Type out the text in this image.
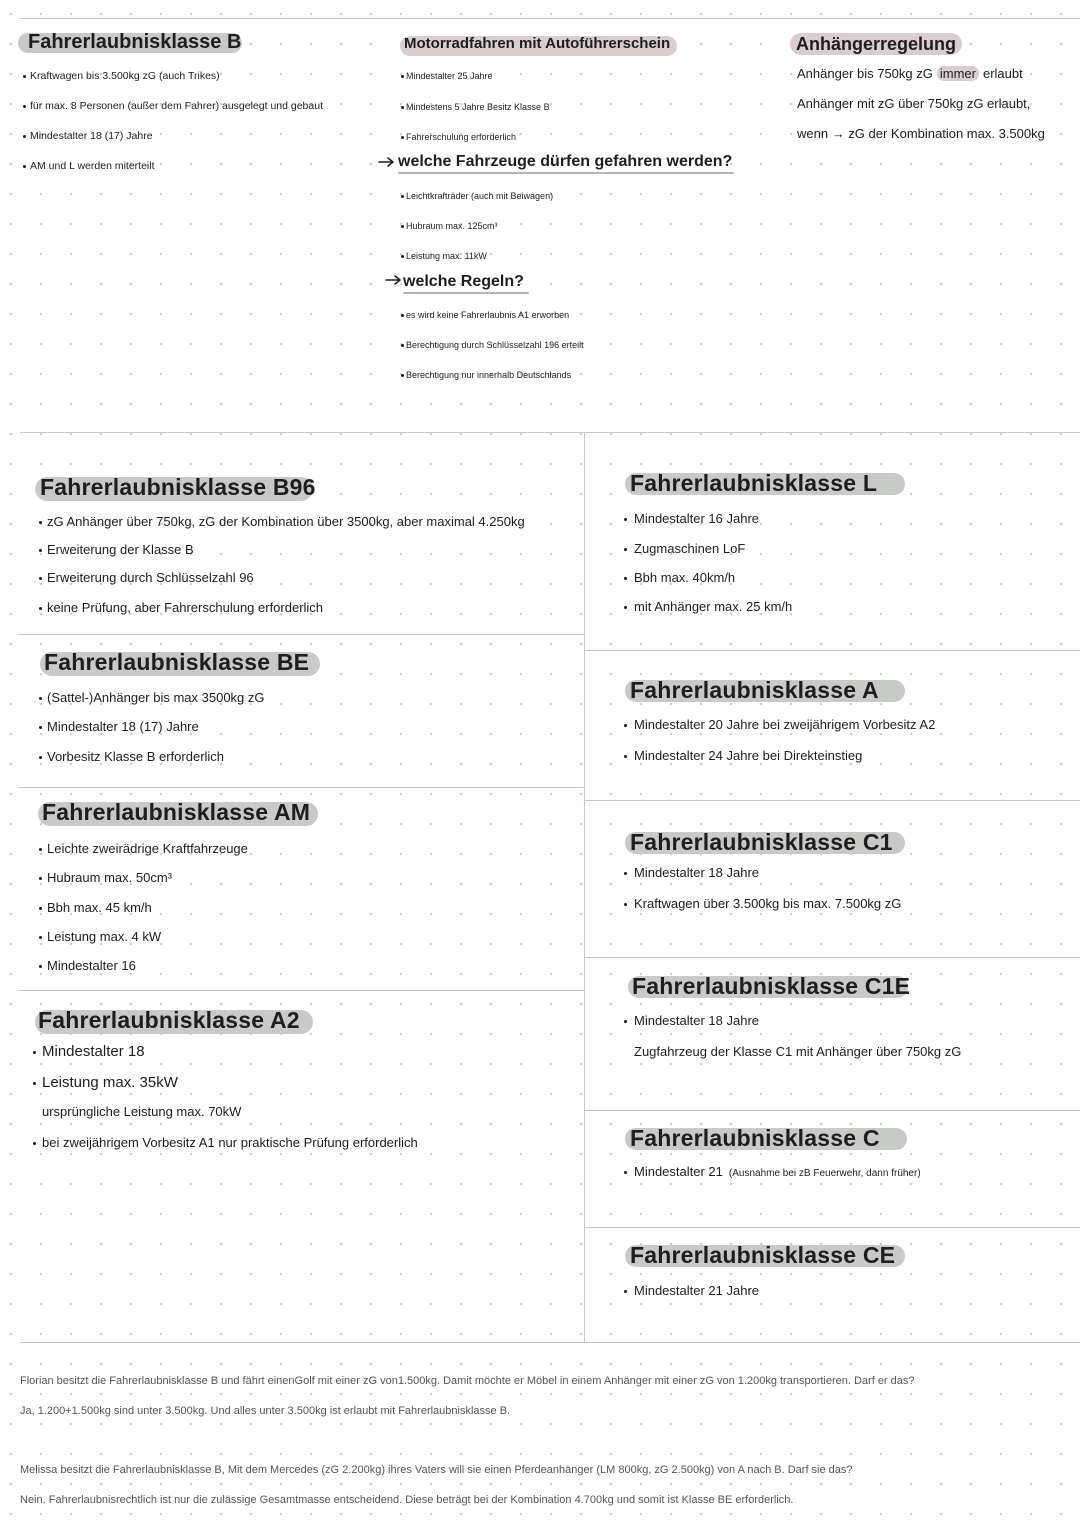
Fahrerlaubnisklasse B
Kraftwagen bis 3.500kg zG (auch Trikes)
für max. 8 Personen (außer dem Fahrer) ausgelegt und gebaut
Mindestalter 18 (17) Jahre
AM und L werden miterteilt
Motorradfahren mit Autoführerschein
Mindestalter 25 Jahre
Mindestens 5 Jahre Besitz Klasse B
Fahrerschulung erforderlich
welche Fahrzeuge dürfen gefahren werden?
Leichtkrafträder (auch mit Beiwagen)
Hubraum max. 125cm³
Leistung max. 11kW
welche Regeln?
es wird keine Fahrerlaubnis A1 erworben
Berechtigung durch Schlüsselzahl 196 erteilt
Berechtigung nur innerhalb Deutschlands
Anhängerregelung
Anhänger bis 750kg zG immer erlaubt
Anhänger mit zG über 750kg zG erlaubt,
wenn → zG der Kombination max. 3.500kg
Fahrerlaubnisklasse B96
zG Anhänger über 750kg, zG der Kombination über 3500kg, aber maximal 4.250kg
Erweiterung der Klasse B
Erweiterung durch Schlüsselzahl 96
keine Prüfung, aber Fahrerschulung erforderlich
Fahrerlaubnisklasse BE
(Sattel-)Anhänger bis max 3500kg zG
Mindestalter 18 (17) Jahre
Vorbesitz Klasse B erforderlich
Fahrerlaubnisklasse AM
Leichte zweirädrige Kraftfahrzeuge
Hubraum max. 50cm³
Bbh max. 45 km/h
Leistung max. 4 kW
Mindestalter 16
Fahrerlaubnisklasse A2
Mindestalter 18
Leistung max. 35kW
ursprüngliche Leistung max. 70kW
bei zweijährigem Vorbesitz A1 nur praktische Prüfung erforderlich
Fahrerlaubnisklasse L
Mindestalter 16 Jahre
Zugmaschinen LoF
Bbh max. 40km/h
mit Anhänger max. 25 km/h
Fahrerlaubnisklasse A
Mindestalter 20 Jahre bei zweijährigem Vorbesitz A2
Mindestalter 24 Jahre bei Direkteinstieg
Fahrerlaubnisklasse C1
Mindestalter 18 Jahre
Kraftwagen über 3.500kg bis max. 7.500kg zG
Fahrerlaubnisklasse C1E
Mindestalter 18 Jahre
Zugfahrzeug der Klasse C1 mit Anhänger über 750kg zG
Fahrerlaubnisklasse C
Mindestalter 21 (Ausnahme bei zB Feuerwehr, dann früher)
Fahrerlaubnisklasse CE
Mindestalter 21 Jahre
Florian besitzt die Fahrerlaubnisklasse B und fährt einenGolf mit einer zG von1.500kg. Damit möchte er Möbel in einem Anhänger mit einer zG von 1.200kg transportieren. Darf er das?
Ja, 1.200+1.500kg sind unter 3.500kg. Und alles unter 3.500kg ist erlaubt mit Fahrerlaubnisklasse B.
Melissa besitzt die Fahrerlaubnisklasse B, Mit dem Mercedes (zG 2.200kg) ihres Vaters will sie einen Pferdeanhänger (LM 800kg, zG 2.500kg) von A nach B. Darf sie das?
Nein. Fahrerlaubnisrechtlich ist nur die zulässige Gesamtmasse entscheidend. Diese beträgt bei der Kombination 4.700kg und somit ist Klasse BE erforderlich.
